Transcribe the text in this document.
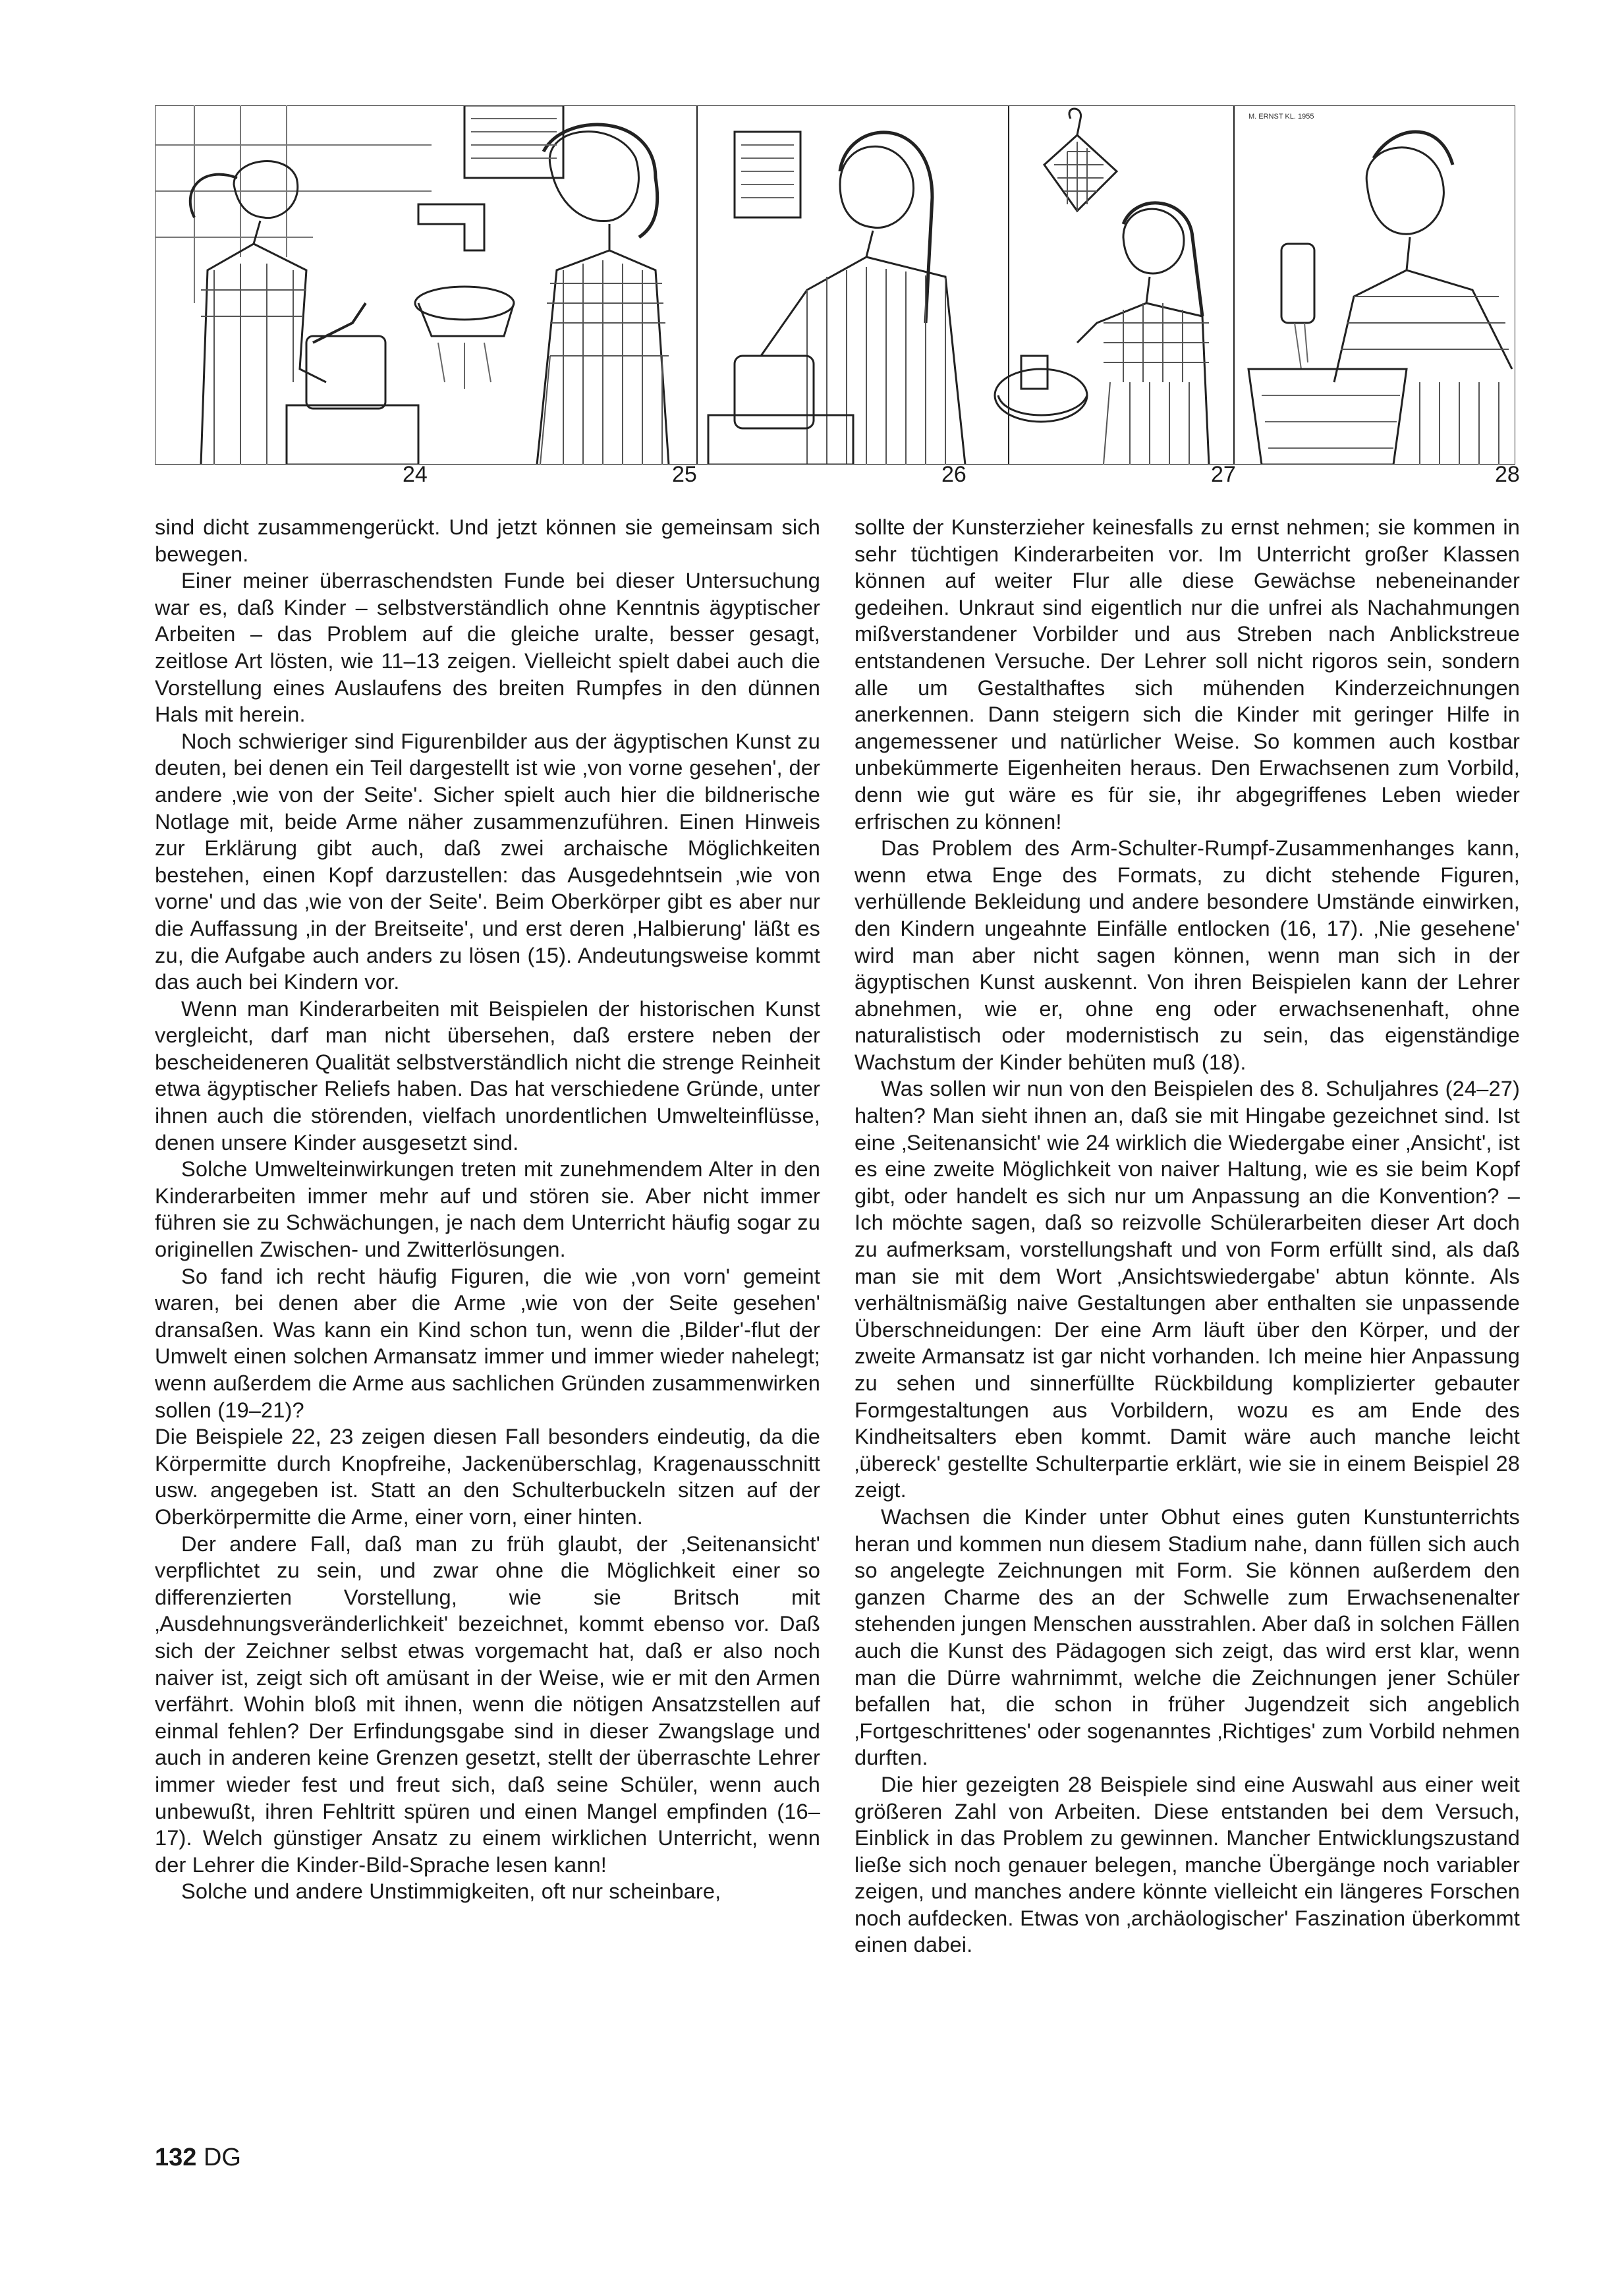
M. ERNST KL. 1955
24	25	26	27	28

sind dicht zusammengerückt. Und jetzt können sie gemeinsam sich bewegen.

Einer meiner überraschendsten Funde bei dieser Untersuchung war es, daß Kinder – selbstverständlich ohne Kenntnis ägyptischer Arbeiten – das Problem auf die gleiche uralte, besser gesagt, zeitlose Art lösten, wie 11–13 zeigen. Vielleicht spielt dabei auch die Vorstellung eines Auslaufens des breiten Rumpfes in den dünnen Hals mit herein.

Noch schwieriger sind Figurenbilder aus der ägyptischen Kunst zu deuten, bei denen ein Teil dargestellt ist wie ‚von vorne gesehen', der andere ‚wie von der Seite'. Sicher spielt auch hier die bildnerische Notlage mit, beide Arme näher zusammenzuführen. Einen Hinweis zur Erklärung gibt auch, daß zwei archaische Möglichkeiten bestehen, einen Kopf darzustellen: das Ausgedehntsein ‚wie von vorne' und das ‚wie von der Seite'. Beim Oberkörper gibt es aber nur die Auffassung ‚in der Breitseite', und erst deren ‚Halbierung' läßt es zu, die Aufgabe auch anders zu lösen (15). Andeutungsweise kommt das auch bei Kindern vor.

Wenn man Kinderarbeiten mit Beispielen der historischen Kunst vergleicht, darf man nicht übersehen, daß erstere neben der bescheideneren Qualität selbstverständlich nicht die strenge Reinheit etwa ägyptischer Reliefs haben. Das hat verschiedene Gründe, unter ihnen auch die störenden, vielfach unordentlichen Umwelteinflüsse, denen unsere Kinder ausgesetzt sind.

Solche Umwelteinwirkungen treten mit zunehmendem Alter in den Kinderarbeiten immer mehr auf und stören sie. Aber nicht immer führen sie zu Schwächungen, je nach dem Unterricht häufig sogar zu originellen Zwischen- und Zwitterlösungen.

So fand ich recht häufig Figuren, die wie ‚von vorn' gemeint waren, bei denen aber die Arme ‚wie von der Seite gesehen' dransaßen. Was kann ein Kind schon tun, wenn die ‚Bilder'-flut der Umwelt einen solchen Armansatz immer und immer wieder nahelegt; wenn außerdem die Arme aus sachlichen Gründen zusammenwirken sollen (19–21)?

Die Beispiele 22, 23 zeigen diesen Fall besonders eindeutig, da die Körpermitte durch Knopfreihe, Jackenüberschlag, Kragenausschnitt usw. angegeben ist. Statt an den Schulterbuckeln sitzen auf der Oberkörpermitte die Arme, einer vorn, einer hinten.

Der andere Fall, daß man zu früh glaubt, der ‚Seitenansicht' verpflichtet zu sein, und zwar ohne die Möglichkeit einer so differenzierten Vorstellung, wie sie Britsch mit ‚Ausdehnungsveränderlichkeit' bezeichnet, kommt ebenso vor. Daß sich der Zeichner selbst etwas vorgemacht hat, daß er also noch naiver ist, zeigt sich oft amüsant in der Weise, wie er mit den Armen verfährt. Wohin bloß mit ihnen, wenn die nötigen Ansatzstellen auf einmal fehlen? Der Erfindungsgabe sind in dieser Zwangslage und auch in anderen keine Grenzen gesetzt, stellt der überraschte Lehrer immer wieder fest und freut sich, daß seine Schüler, wenn auch unbewußt, ihren Fehltritt spüren und einen Mangel empfinden (16–17). Welch günstiger Ansatz zu einem wirklichen Unterricht, wenn der Lehrer die Kinder-Bild-Sprache lesen kann!

Solche und andere Unstimmigkeiten, oft nur scheinbare,

sollte der Kunsterzieher keinesfalls zu ernst nehmen; sie kommen in sehr tüchtigen Kinderarbeiten vor. Im Unterricht großer Klassen können auf weiter Flur alle diese Gewächse nebeneinander gedeihen. Unkraut sind eigentlich nur die unfrei als Nachahmungen mißverstandener Vorbilder und aus Streben nach Anblickstreue entstandenen Versuche. Der Lehrer soll nicht rigoros sein, sondern alle um Gestalthaftes sich mühenden Kinderzeichnungen anerkennen. Dann steigern sich die Kinder mit geringer Hilfe in angemessener und natürlicher Weise. So kommen auch kostbar unbekümmerte Eigenheiten heraus. Den Erwachsenen zum Vorbild, denn wie gut wäre es für sie, ihr abgegriffenes Leben wieder erfrischen zu können!

Das Problem des Arm-Schulter-Rumpf-Zusammenhanges kann, wenn etwa Enge des Formats, zu dicht stehende Figuren, verhüllende Bekleidung und andere besondere Umstände einwirken, den Kindern ungeahnte Einfälle entlocken (16, 17). ‚Nie gesehene' wird man aber nicht sagen können, wenn man sich in der ägyptischen Kunst auskennt. Von ihren Beispielen kann der Lehrer abnehmen, wie er, ohne eng oder erwachsenenhaft, ohne naturalistisch oder modernistisch zu sein, das eigenständige Wachstum der Kinder behüten muß (18).

Was sollen wir nun von den Beispielen des 8. Schuljahres (24–27) halten? Man sieht ihnen an, daß sie mit Hingabe gezeichnet sind. Ist eine ‚Seitenansicht' wie 24 wirklich die Wiedergabe einer ‚Ansicht', ist es eine zweite Möglichkeit von naiver Haltung, wie es sie beim Kopf gibt, oder handelt es sich nur um Anpassung an die Konvention? – Ich möchte sagen, daß so reizvolle Schülerarbeiten dieser Art doch zu aufmerksam, vorstellungshaft und von Form erfüllt sind, als daß man sie mit dem Wort ‚Ansichtswiedergabe' abtun könnte. Als verhältnismäßig naive Gestaltungen aber enthalten sie unpassende Überschneidungen: Der eine Arm läuft über den Körper, und der zweite Armansatz ist gar nicht vorhanden. Ich meine hier Anpassung zu sehen und sinnerfüllte Rückbildung komplizierter gebauter Formgestaltungen aus Vorbildern, wozu es am Ende des Kindheitsalters eben kommt. Damit wäre auch manche leicht ‚übereck' gestellte Schulterpartie erklärt, wie sie in einem Beispiel 28 zeigt.

Wachsen die Kinder unter Obhut eines guten Kunstunterrichts heran und kommen nun diesem Stadium nahe, dann füllen sich auch so angelegte Zeichnungen mit Form. Sie können außerdem den ganzen Charme des an der Schwelle zum Erwachsenenalter stehenden jungen Menschen ausstrahlen. Aber daß in solchen Fällen auch die Kunst des Pädagogen sich zeigt, das wird erst klar, wenn man die Dürre wahrnimmt, welche die Zeichnungen jener Schüler befallen hat, die schon in früher Jugendzeit sich angeblich ‚Fortgeschrittenes' oder sogenanntes ‚Richtiges' zum Vorbild nehmen durften.

Die hier gezeigten 28 Beispiele sind eine Auswahl aus einer weit größeren Zahl von Arbeiten. Diese entstanden bei dem Versuch, Einblick in das Problem zu gewinnen. Mancher Entwicklungszustand ließe sich noch genauer belegen, manche Übergänge noch variabler zeigen, und manches andere könnte vielleicht ein längeres Forschen noch aufdecken. Etwas von ‚archäologischer' Faszination überkommt einen dabei.

132 DG
